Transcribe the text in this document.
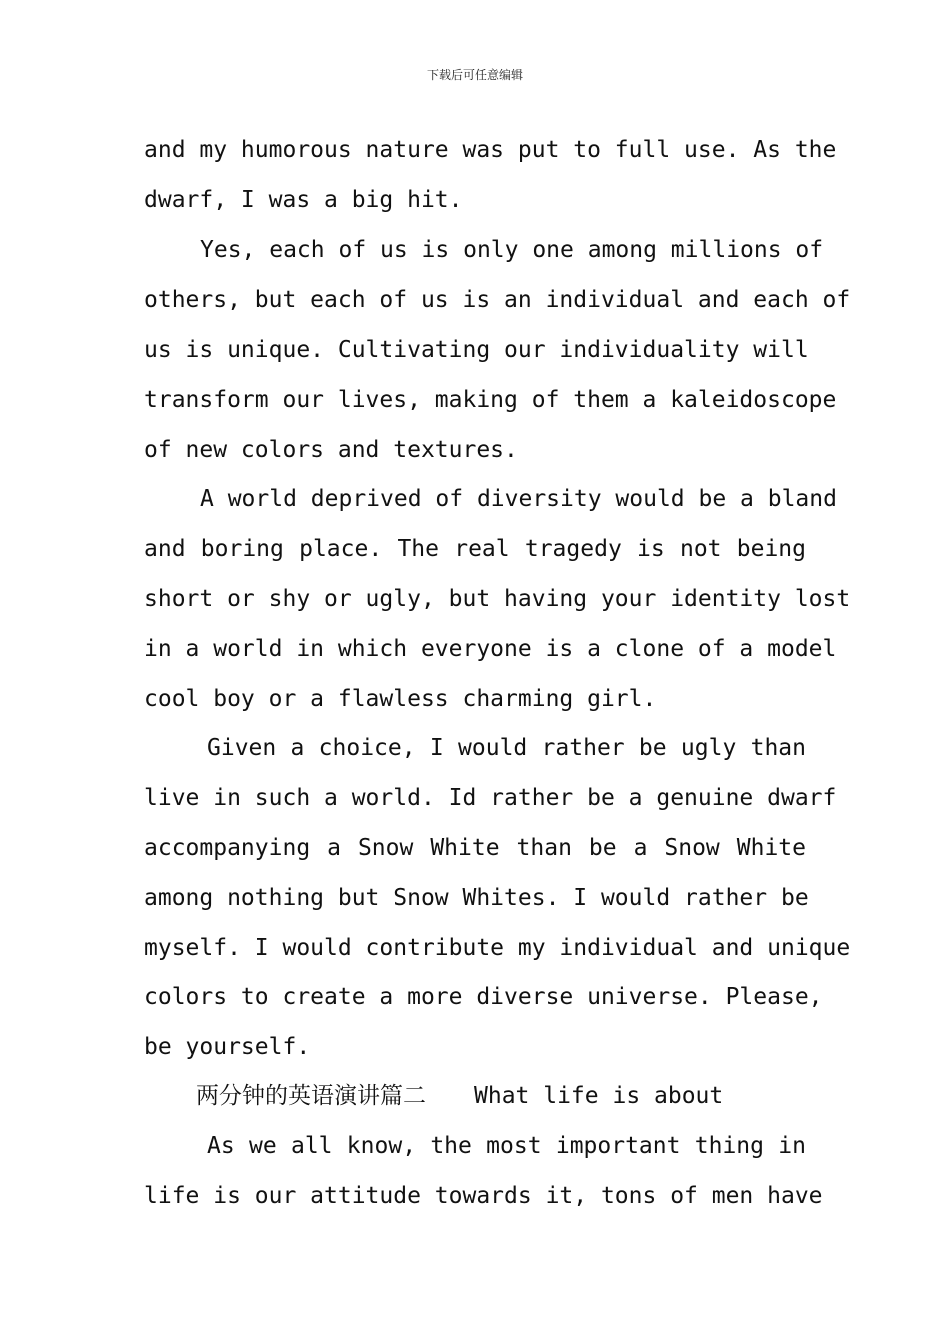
下载后可任意编辑
and my humorous nature was put to full use. As the
dwarf, I was a big hit.
Yes, each of us is only one among millions of
others, but each of us is an individual and each of
us is unique. Cultivating our individuality will
transform our lives, making of them a kaleidoscope
of new colors and textures.
A world deprived of diversity would be a bland
and boring place. The real tragedy is not being
short or shy or ugly, but having your identity lost
in a world in which everyone is a clone of a model
cool boy or a flawless charming girl.
Given a choice, I would rather be ugly than
live in such a world. Id rather be a genuine dwarf
accompanying a Snow White than be a Snow White
among nothing but Snow Whites. I would rather be
myself. I would contribute my individual and unique
colors to create a more diverse universe. Please,
be yourself.
两分钟的英语演讲篇二 What life is about
As we all know, the most important thing in
life is our attitude towards it, tons of men have
